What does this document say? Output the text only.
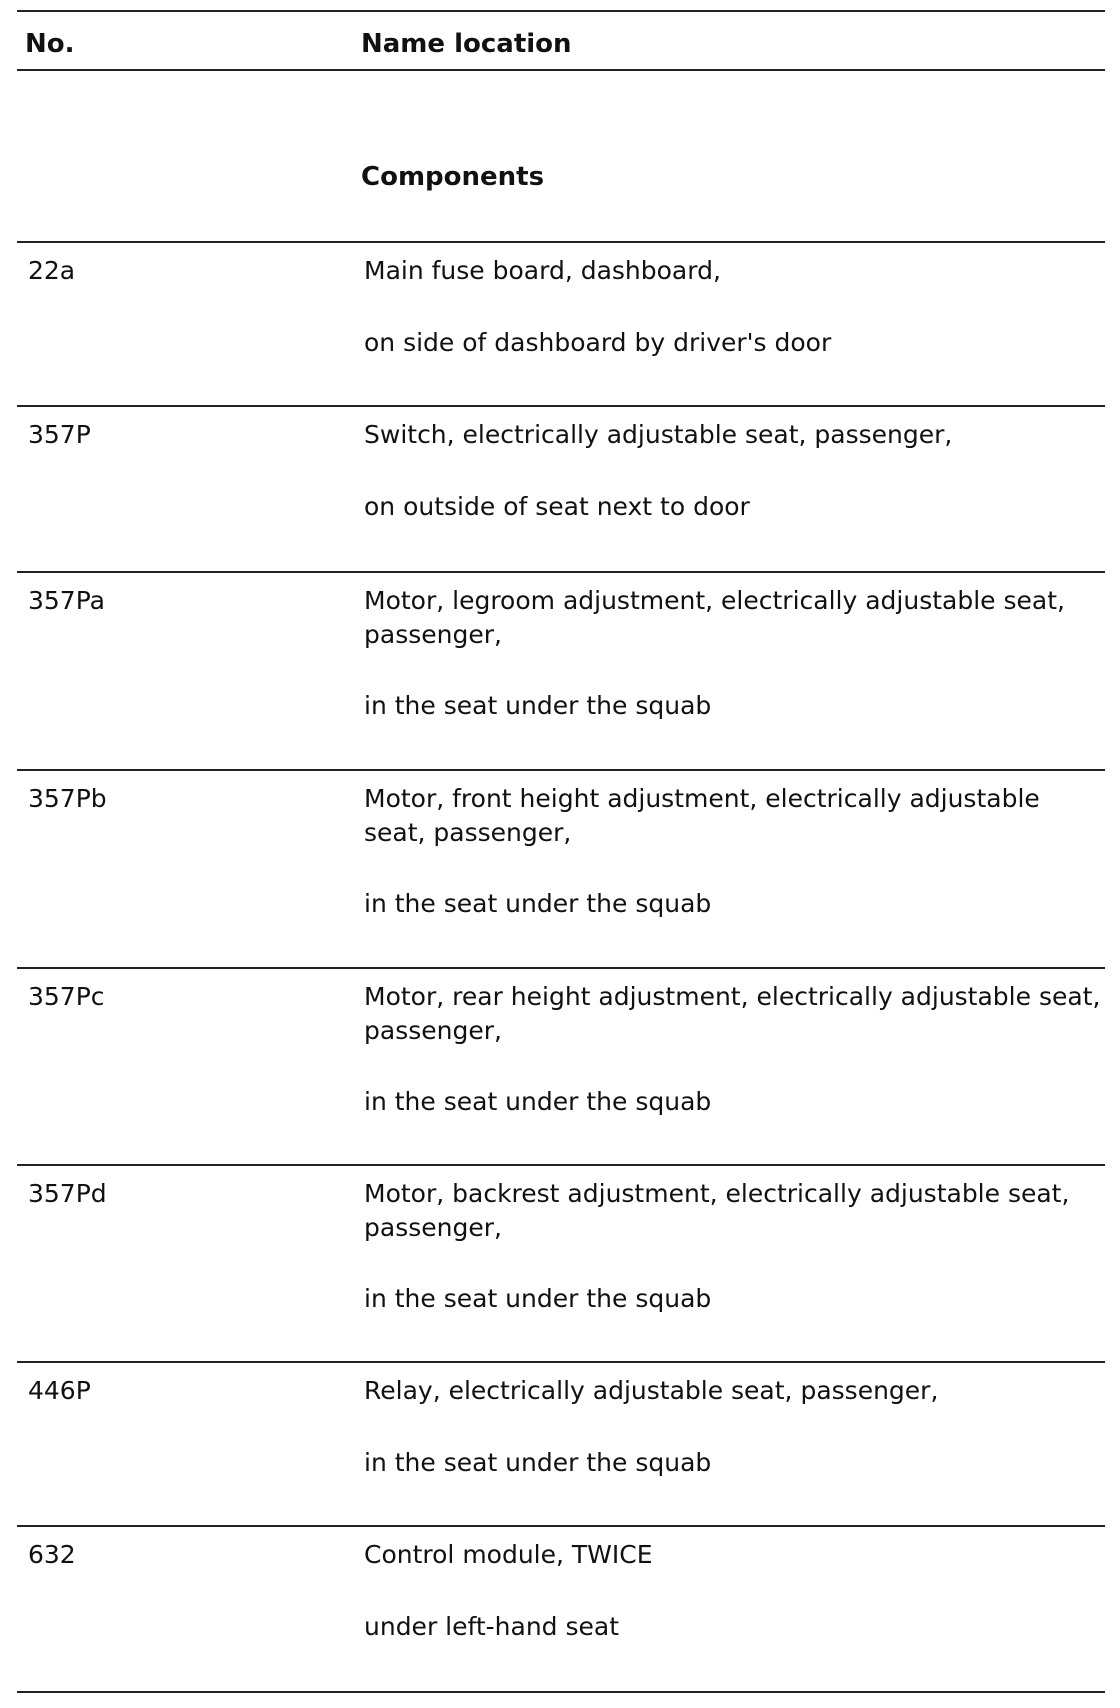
No.	Name location
Components
22a	Main fuse board, dashboard,
on side of dashboard by driver's door
357P	Switch, electrically adjustable seat, passenger,
on outside of seat next to door
357Pa	Motor, legroom adjustment, electrically adjustable seat, passenger,
in the seat under the squab
357Pb	Motor, front height adjustment, electrically adjustable seat, passenger,
in the seat under the squab
357Pc	Motor, rear height adjustment, electrically adjustable seat, passenger,
in the seat under the squab
357Pd	Motor, backrest adjustment, electrically adjustable seat, passenger,
in the seat under the squab
446P	Relay, electrically adjustable seat, passenger,
in the seat under the squab
632	Control module, TWICE
under left-hand seat
